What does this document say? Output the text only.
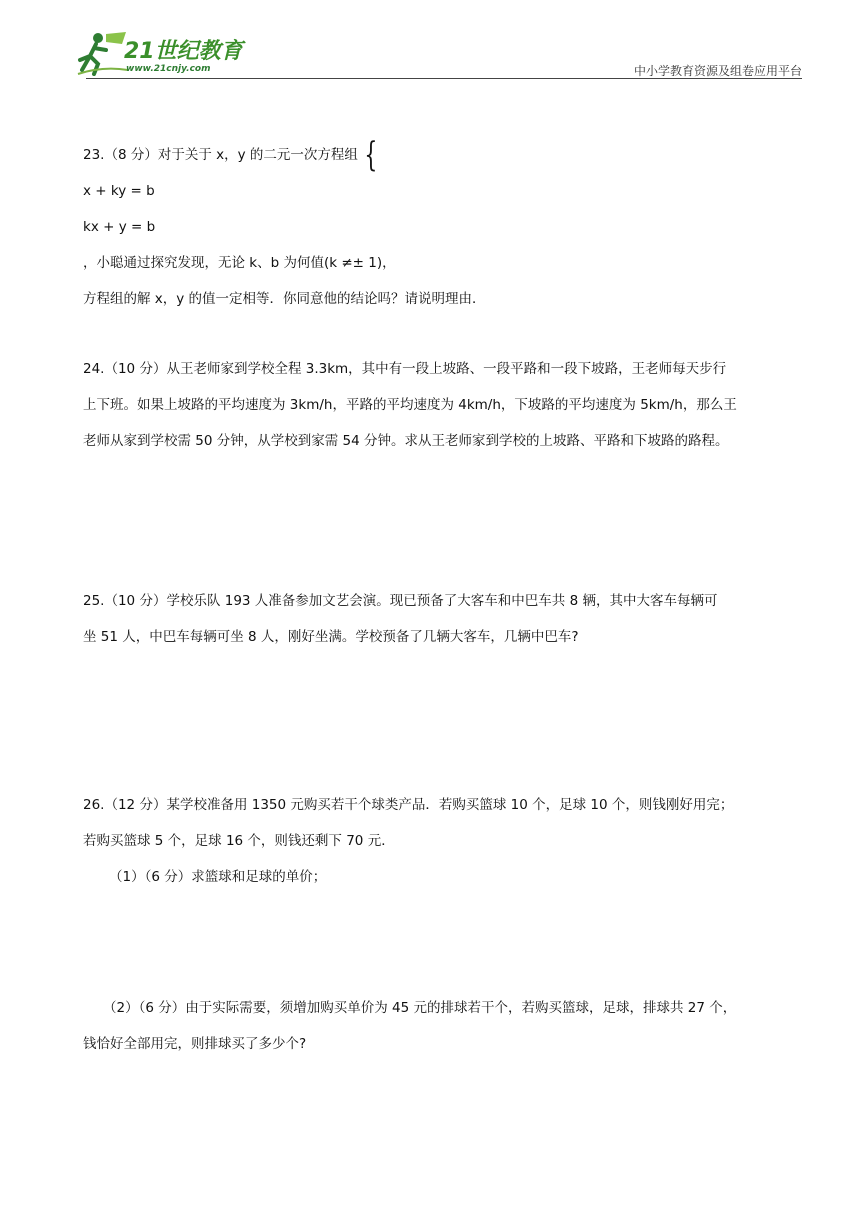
21世纪教育
www.21cnjy.com	中小学教育资源及组卷应用平台

23.（8 分）对于关于 x，y 的二元一次方程组 {

x + ky = b
kx + y = b
，小聪通过探究发现，无论 k、b 为何值(k ≠± 1)，

方程组的解 x，y 的值一定相等．你同意他的结论吗？请说明理由．

24.（10 分）从王老师家到学校全程 3.3km，其中有一段上坡路、一段平路和一段下坡路，王老师每天步行

上下班。如果上坡路的平均速度为 3km/h，平路的平均速度为 4km/h，下坡路的平均速度为 5km/h，那么王

老师从家到学校需 50 分钟，从学校到家需 54 分钟。求从王老师家到学校的上坡路、平路和下坡路的路程。

25.（10 分）学校乐队 193 人准备参加文艺会演。现已预备了大客车和中巴车共 8 辆，其中大客车每辆可

坐 51 人，中巴车每辆可坐 8 人，刚好坐满。学校预备了几辆大客车，几辆中巴车?

26.（12 分）某学校准备用 1350 元购买若干个球类产品．若购买篮球 10 个，足球 10 个，则钱刚好用完；

若购买篮球 5 个，足球 16 个，则钱还剩下 70 元．

（1）（6 分）求篮球和足球的单价；

（2）（6 分）由于实际需要，须增加购买单价为 45 元的排球若干个，若购买篮球，足球，排球共 27 个，

钱恰好全部用完，则排球买了多少个?
